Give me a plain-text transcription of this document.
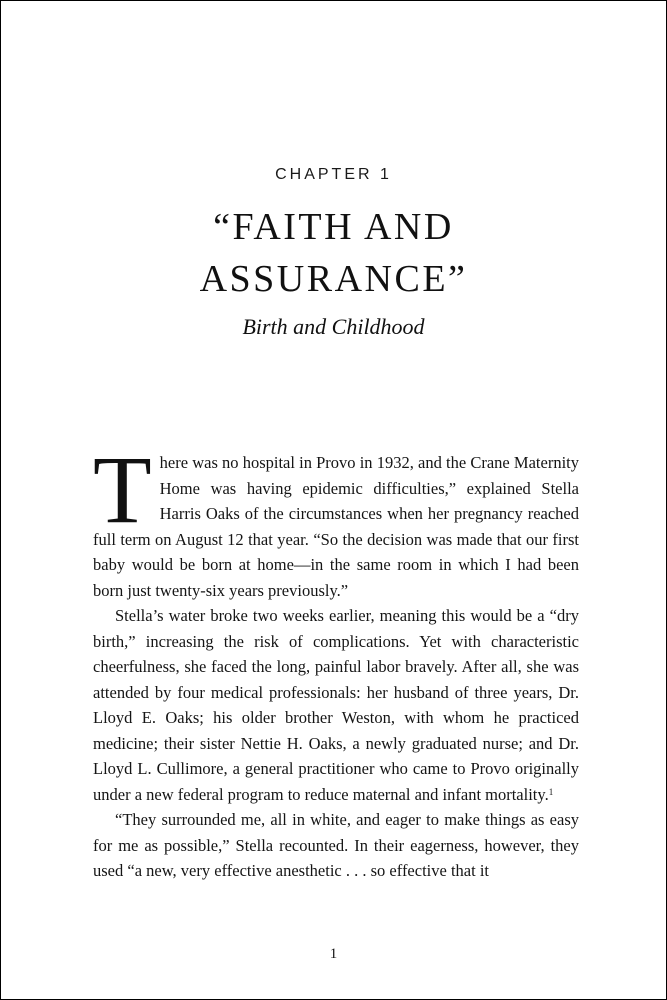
CHAPTER 1
“FAITH AND
ASSURANCE”
Birth and Childhood

There was no hospital in Provo in 1932, and the Crane Maternity Home was having epidemic difficulties,” explained Stella Harris Oaks of the circumstances when her pregnancy reached full term on August 12 that year. “So the decision was made that our first baby would be born at home—in the same room in which I had been born just twenty-six years previously.”

Stella’s water broke two weeks earlier, meaning this would be a “dry birth,” increasing the risk of complications. Yet with characteristic cheerfulness, she faced the long, painful labor bravely. After all, she was attended by four medical professionals: her husband of three years, Dr. Lloyd E. Oaks; his older brother Weston, with whom he practiced medicine; their sister Nettie H. Oaks, a newly graduated nurse; and Dr. Lloyd L. Cullimore, a general practitioner who came to Provo originally under a new federal program to reduce maternal and infant mortality.$^1$

“They surrounded me, all in white, and eager to make things as easy for me as possible,” Stella recounted. In their eagerness, however, they used “a new, very effective anesthetic . . . so effective that it

1
